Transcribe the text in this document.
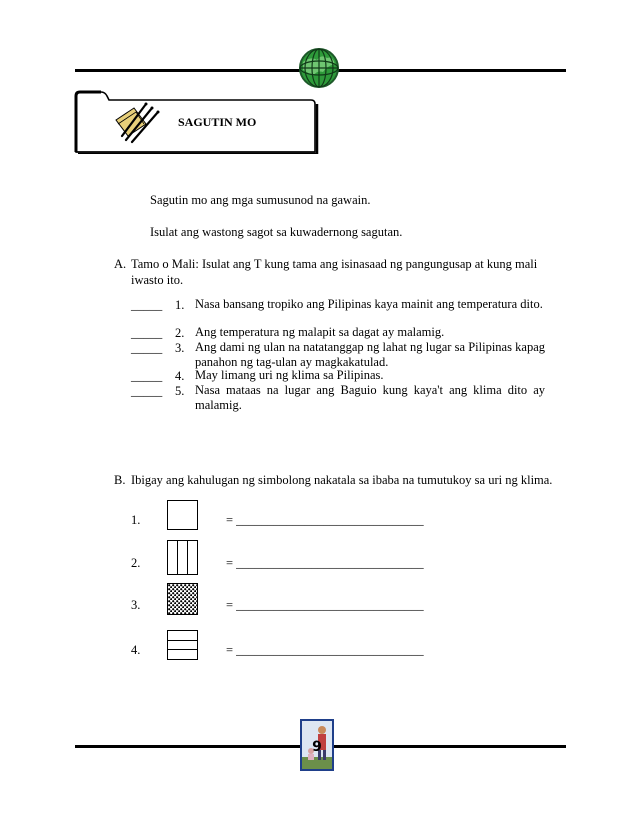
SAGUTIN MO
Sagutin mo ang mga sumusunod na gawain.
Isulat ang wastong sagot sa kuwadernong sagutan.
A. Tamo o Mali: Isulat ang T kung tama ang isinasaad ng pangungusap at kung mali
iwasto ito.
_____ 1. Nasa bansang tropiko ang Pilipinas kaya mainit ang temperatura dito.
_____ 2. Ang temperatura ng malapit sa dagat ay malamig.
_____ 3. Ang dami ng ulan na natatanggap ng lahat ng lugar sa Pilipinas kapag panahon ng tag-ulan ay magkakatulad.
_____ 4. May limang uri ng klima sa Pilipinas.
_____ 5. Nasa mataas na lugar ang Baguio kung kaya't ang klima dito ay malamig.
B. Ibigay ang kahulugan ng simbolong nakatala sa ibaba na tumutukoy sa uri ng klima.
1.	= ______________________________
2.	= ______________________________
3.	= ______________________________
4.	= ______________________________
9
